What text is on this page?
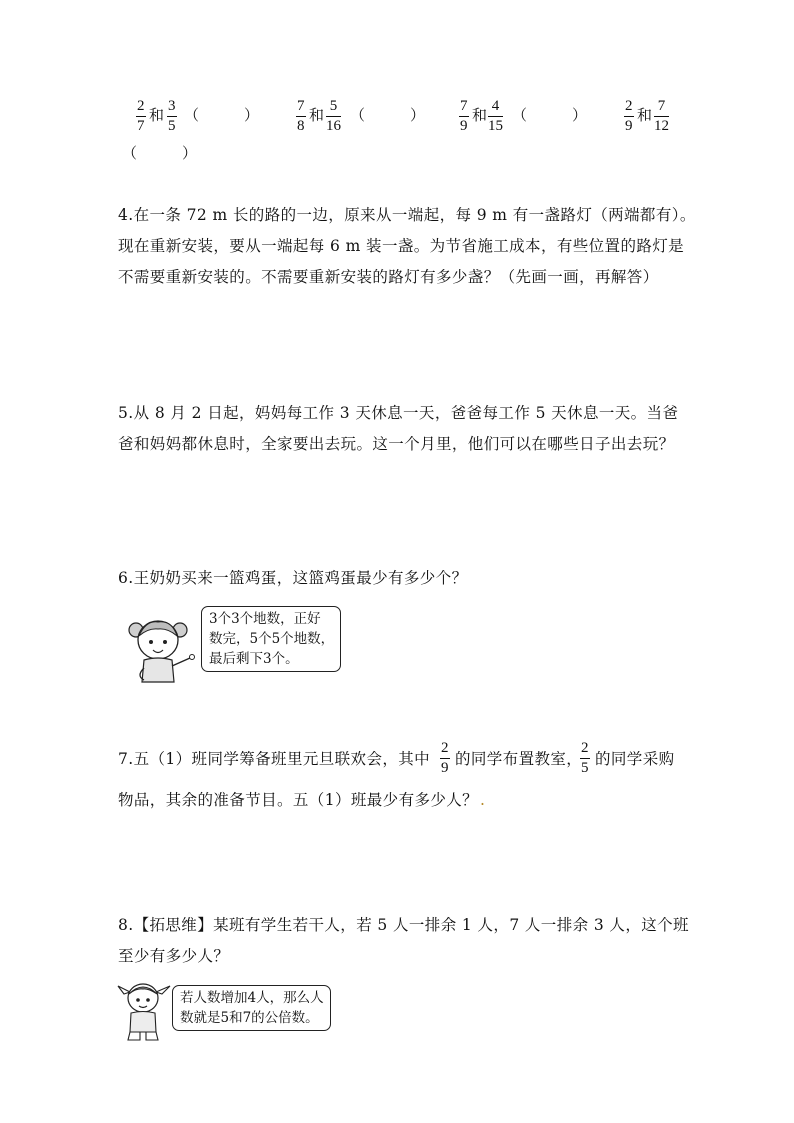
2
7
和 3
5
（　　　）	7
8
和 5
16
（　　　） 7
9
和 4
15
（　　　）	2
9
和 7
12
（　　　）
4.在一条 72 m 长的路的一边，原来从一端起，每 9 m 有一盏路灯（两端都有）。
现在重新安装，要从一端起每 6 m 装一盏。为节省施工成本，有些位置的路灯是
不需要重新安装的。不需要重新安装的路灯有多少盏？（先画一画，再解答）
5.从 8 月 2 日起，妈妈每工作 3 天休息一天，爸爸每工作 5 天休息一天。当爸
爸和妈妈都休息时，全家要出去玩。这一个月里，他们可以在哪些日子出去玩？
6.王奶奶买来一篮鸡蛋，这篮鸡蛋最少有多少个？
3个3个地数，正好
数完，5个5个地数，
最后剩下3个。
7.五（1）班同学筹备班里元旦联欢会，其中
2
9 的同学布置教室，
2
5 的同学采购
物品，其余的准备节目。五（1）班最少有多少人？ .
8.【拓思维】某班有学生若干人，若 5 人一排余 1 人，7 人一排余 3 人，这个班
至少有多少人？
若人数增加4人，那么人
数就是5和7的公倍数。
